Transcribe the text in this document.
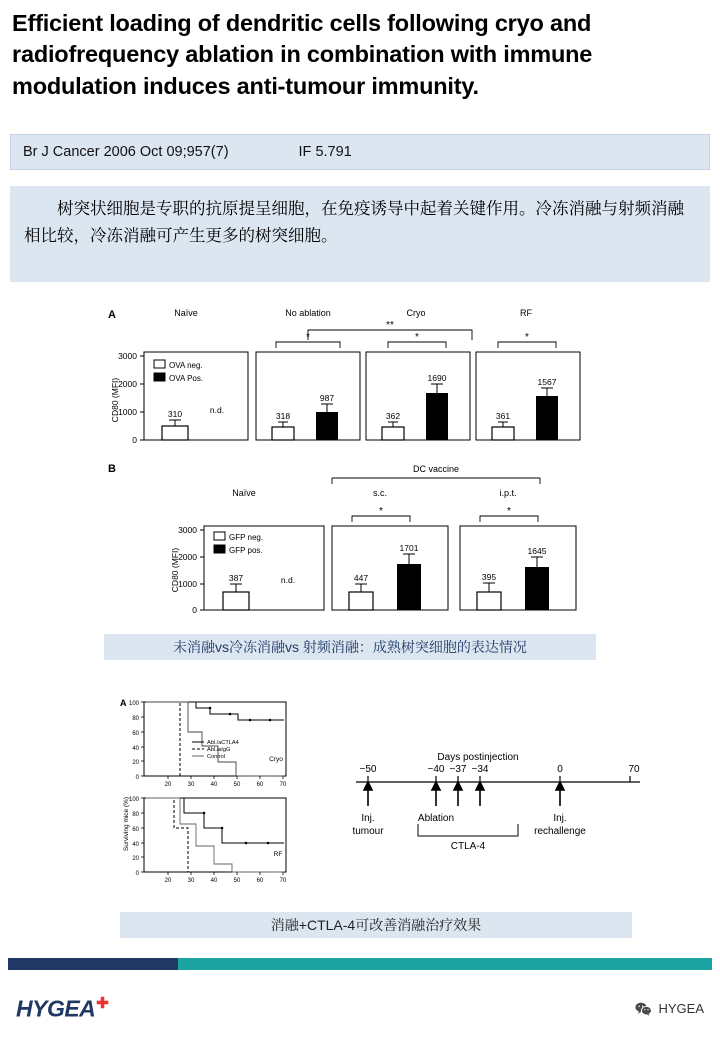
Efficient loading of dendritic cells following cryo and radiofrequency ablation in combination with immune modulation induces anti-tumour immunity.
Br J Cancer 2006 Oct 09;957(7)	IF 5.791
树突状细胞是专职的抗原提呈细胞，在免疫诱导中起着关键作用。冷冻消融与射频消融相比较，冷冻消融可产生更多的树突细胞。
A	Naïve	No ablation	Cryo	RF
*	*	*
**
3000
2000
1000
0
CD80 (MFI)
OVA neg.
OVA Pos.
310	n.d.
318
987
362
1690
361
1567
B	DC vaccine
Naïve	s.c.	i.p.t.
*	*
3000
2000
1000
0
CD80 (MFI)
GFP neg.
GFP pos.
387	n.d.	447
1701
395
1645
未消融vs冷冻消融vs 射频消融：成熟树突细胞的表达情况
A 100
80
60
40
20
0
Cryo
Abl./aCTLA4
Abl./aIgG
Control
20	30	40	50	60	70
100
80
60
40
20
0
RF
Surviving mice (%)
20	30	40	50	60	70
Days postinjection
−50	−40 −37 −34	0	70
Inj.
tumour
Ablation	Inj.
rechallenge
CTLA-4
消融+CTLA-4可改善消融治疗效果
HYGEA✚	HYGEA
